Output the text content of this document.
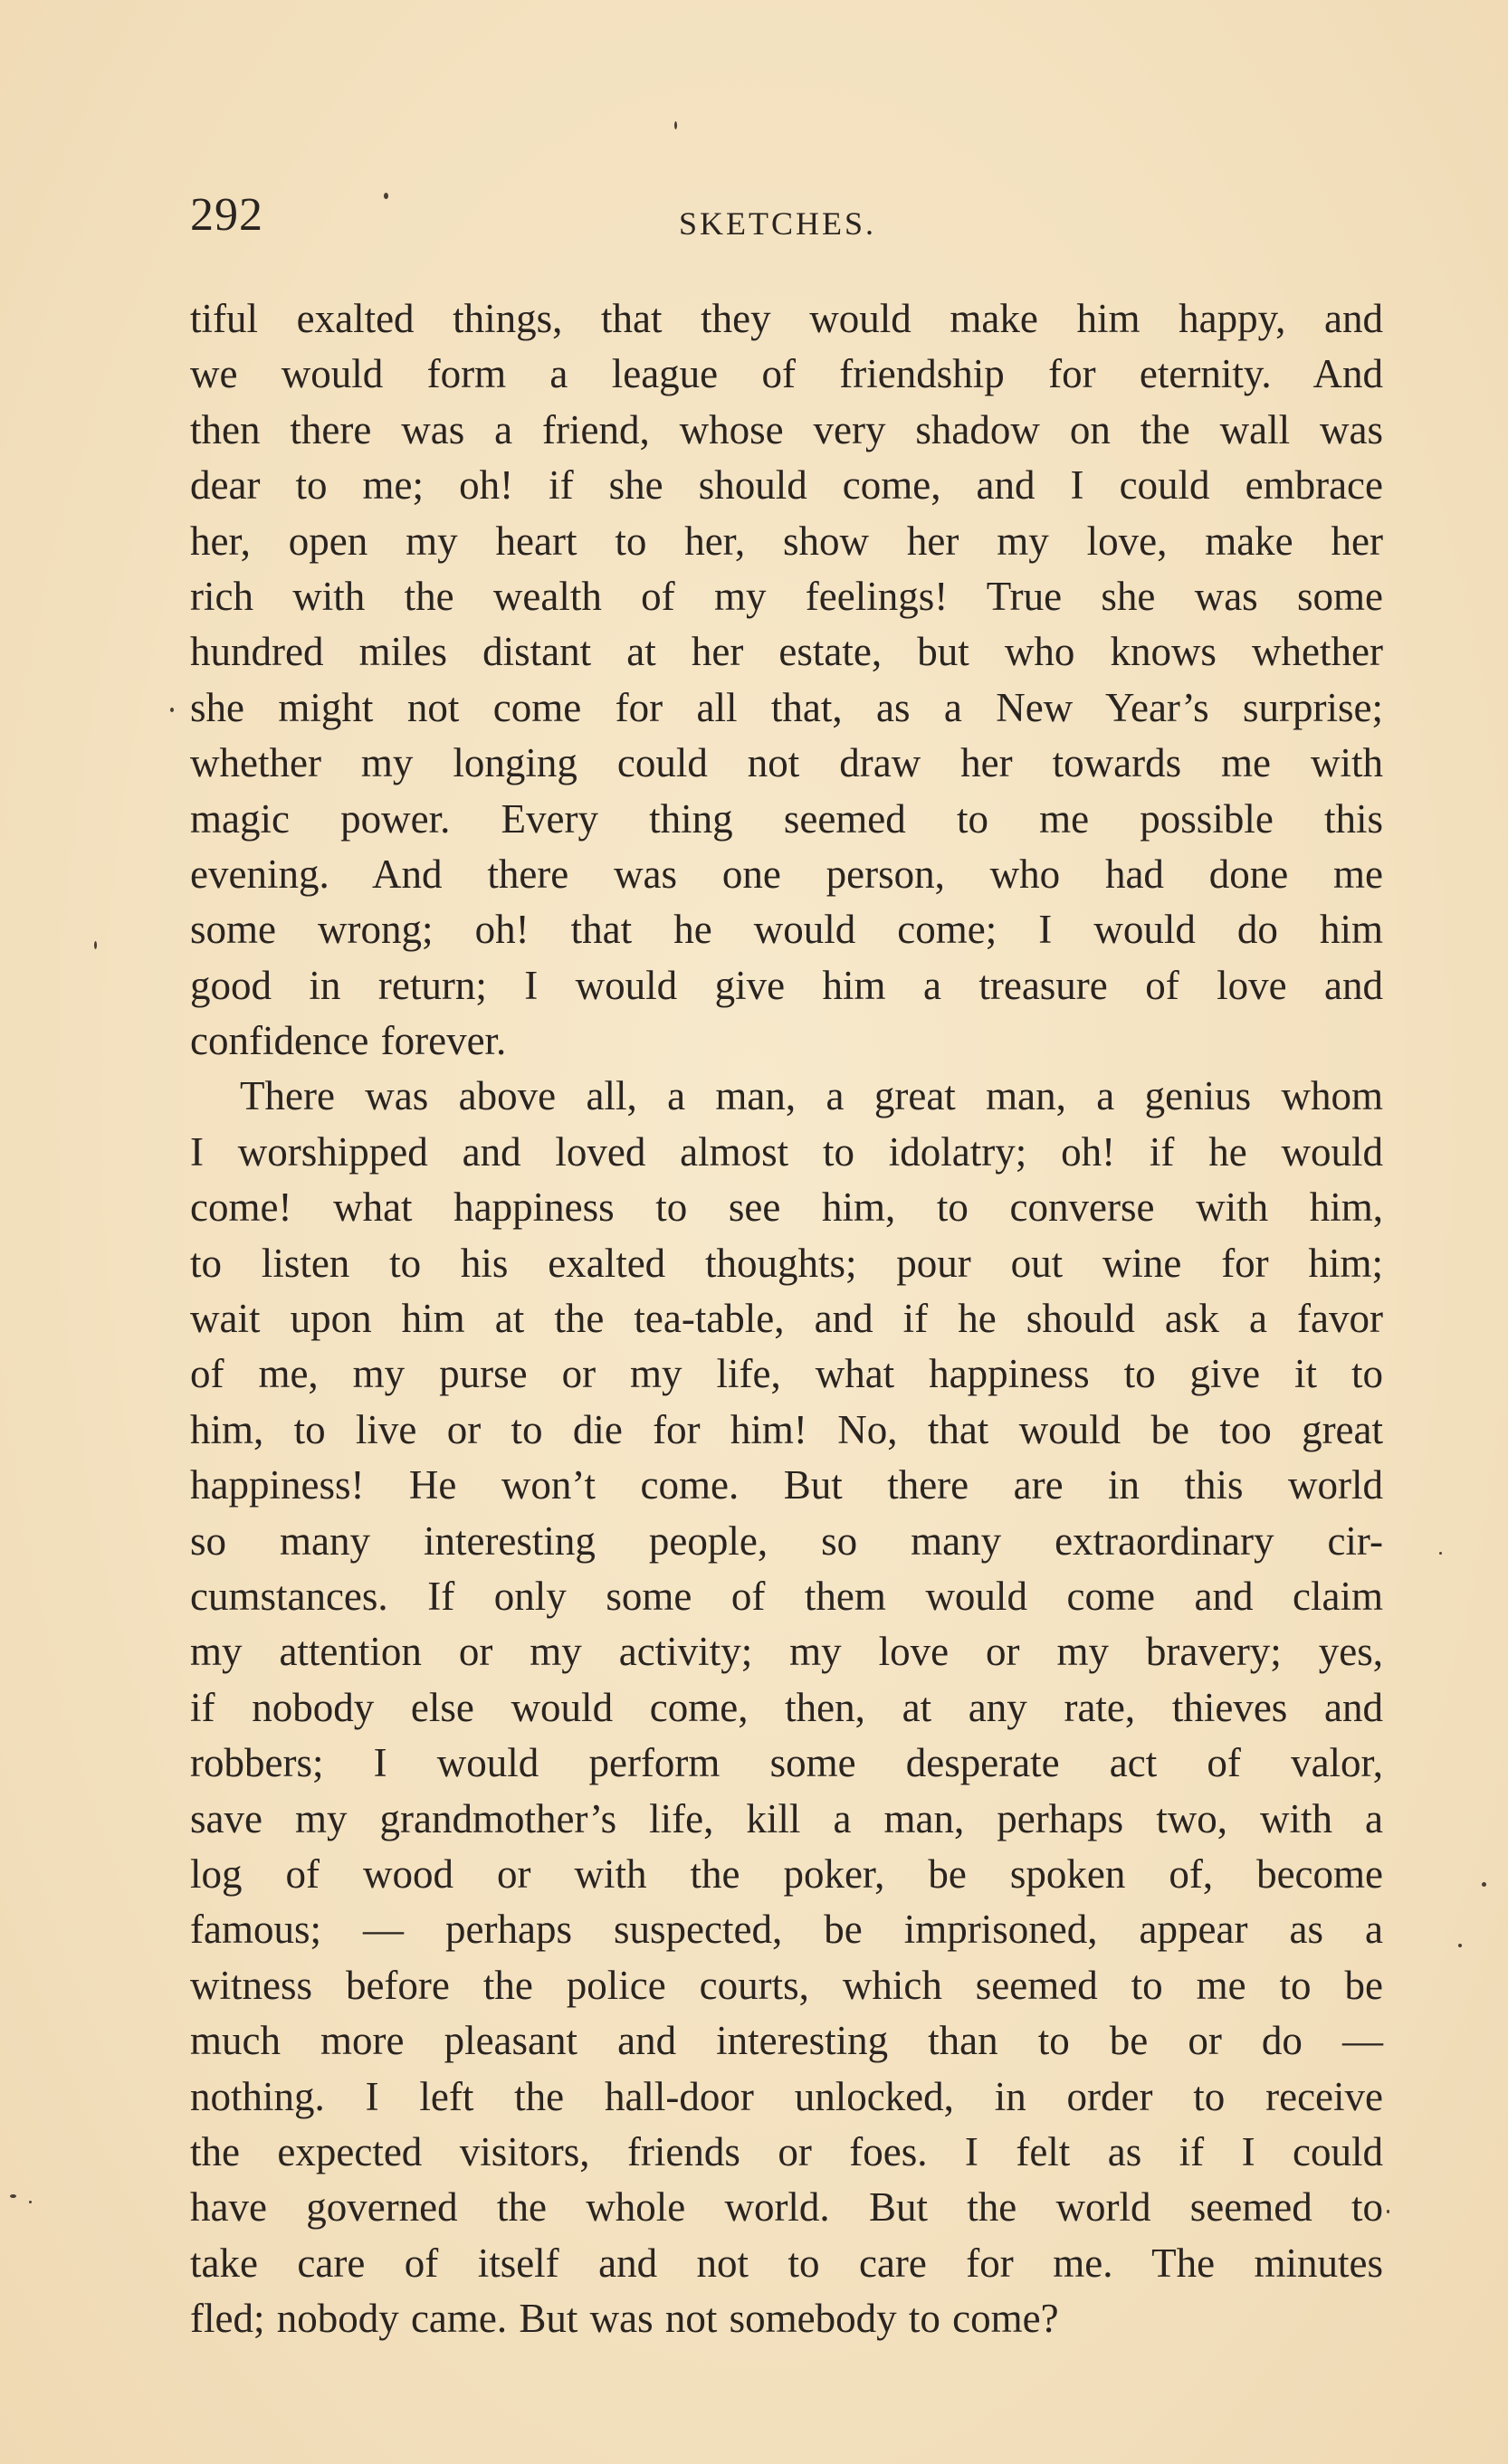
292	SKETCHES.
tiful exalted things, that they would make him happy, and
we would form a league of friendship for eternity. And
then there was a friend, whose very shadow on the wall was
dear to me; oh! if she should come, and I could embrace
her, open my heart to her, show her my love, make her
rich with the wealth of my feelings! True she was some
hundred miles distant at her estate, but who knows whether
she might not come for all that, as a New Year’s surprise;
whether my longing could not draw her towards me with
magic power. Every thing seemed to me possible this
evening. And there was one person, who had done me
some wrong; oh! that he would come; I would do him
good in return; I would give him a treasure of love and
confidence forever.
There was above all, a man, a great man, a genius whom
I worshipped and loved almost to idolatry; oh! if he would
come! what happiness to see him, to converse with him,
to listen to his exalted thoughts; pour out wine for him;
wait upon him at the tea-table, and if he should ask a favor
of me, my purse or my life, what happiness to give it to
him, to live or to die for him! No, that would be too great
happiness! He won’t come. But there are in this world
so many interesting people, so many extraordinary cir-
cumstances. If only some of them would come and claim
my attention or my activity; my love or my bravery; yes,
if nobody else would come, then, at any rate, thieves and
robbers; I would perform some desperate act of valor,
save my grandmother’s life, kill a man, perhaps two, with a
log of wood or with the poker, be spoken of, become
famous; — perhaps suspected, be imprisoned, appear as a
witness before the police courts, which seemed to me to be
much more pleasant and interesting than to be or do —
nothing. I left the hall-door unlocked, in order to receive
the expected visitors, friends or foes. I felt as if I could
have governed the whole world. But the world seemed to
take care of itself and not to care for me. The minutes
fled; nobody came. But was not somebody to come?
